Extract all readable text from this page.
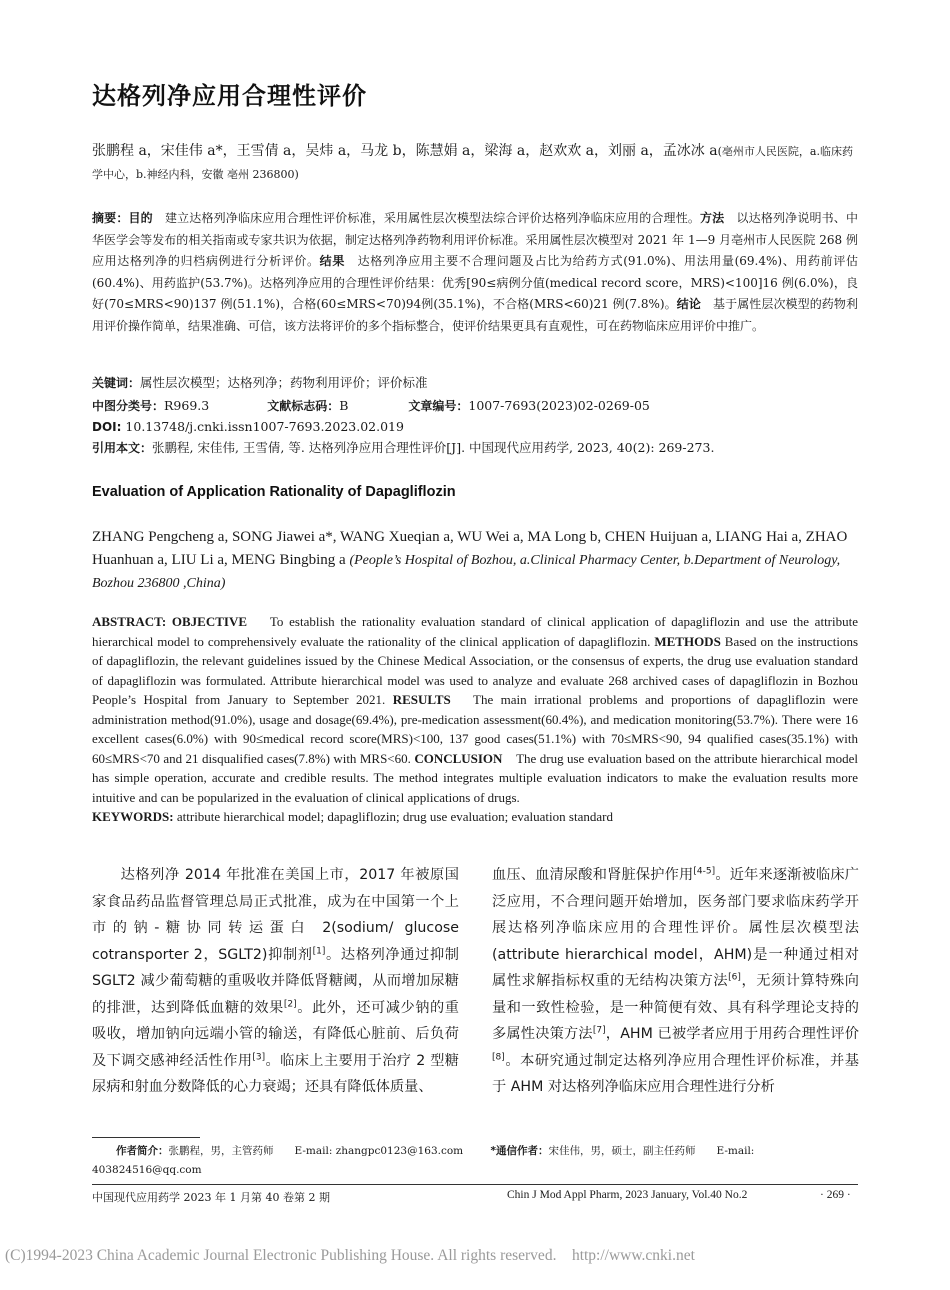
达格列净应用合理性评价
张鹏程 a，宋佳伟 a*，王雪倩 a，吴炜 a，马龙 b，陈慧娟 a，梁海 a，赵欢欢 a，刘丽 a，孟冰冰 a(亳州市人民医院，a.临床药学中心，b.神经内科，安徽 亳州 236800)
摘要：目的　 建立达格列净临床应用合理性评价标准，采用属性层次模型法综合评价达格列净临床应用的合理性。方法　 以达格列净说明书、中华医学会等发布的相关指南或专家共识为依据，制定达格列净药物利用评价标准。采用属性层次模型对 2021 年 1—9 月亳州市人民医院 268 例应用达格列净的归档病例进行分析评价。结果　 达格列净应用主要不合理问题及占比为给药方式(91.0%)、用法用量(69.4%)、用药前评估(60.4%)、用药监护(53.7%)。达格列净应用的合理性评价结果：优秀[90≤病例分值(medical record score，MRS)<100]16 例(6.0%)，良好(70≤MRS<90)137 例(51.1%)，合格(60≤MRS<70)94例(35.1%)，不合格(MRS<60)21 例(7.8%)。结论　 基于属性层次模型的药物利用评价操作简单，结果准确、可信，该方法将评价的多个指标整合，使评价结果更具有直观性，可在药物临床应用评价中推广。
关键词：属性层次模型；达格列净；药物利用评价；评价标准
中图分类号：R969.3	文献标志码：B	文章编号：1007-7693(2023)02-0269-05
DOI: 10.13748/j.cnki.issn1007-7693.2023.02.019
引用本文：张鹏程, 宋佳伟, 王雪倩, 等. 达格列净应用合理性评价[J]. 中国现代应用药学, 2023, 40(2): 269-273.
Evaluation of Application Rationality of Dapagliflozin
ZHANG Pengcheng a, SONG Jiawei a*, WANG Xueqian a, WU Wei a, MA Long b, CHEN Huijuan a, LIANG Hai a, ZHAO Huanhuan a, LIU Li a, MENG Bingbing a (People’s Hospital of Bozhou, a.Clinical Pharmacy Center, b.Department of Neurology, Bozhou 236800 ,China)
ABSTRACT: OBJECTIVE To establish the rationality evaluation standard of clinical application of dapagliflozin and use the attribute hierarchical model to comprehensively evaluate the rationality of the clinical application of dapagliflozin. METHODS Based on the instructions of dapagliflozin, the relevant guidelines issued by the Chinese Medical Association, or the consensus of experts, the drug use evaluation standard of dapagliflozin was formulated. Attribute hierarchical model was used to analyze and evaluate 268 archived cases of dapagliflozin in Bozhou People’s Hospital from January to September 2021. RESULTS The main irrational problems and proportions of dapagliflozin were administration method(91.0%), usage and dosage(69.4%), pre-medication assessment(60.4%), and medication monitoring(53.7%). There were 16 excellent cases(6.0%) with 90≤medical record score(MRS)<100, 137 good cases(51.1%) with 70≤MRS<90, 94 qualified cases(35.1%) with 60≤MRS<70 and 21 disqualified cases(7.8%) with MRS<60. CONCLUSION The drug use evaluation based on the attribute hierarchical model has simple operation, accurate and credible results. The method integrates multiple evaluation indicators to make the evaluation results more intuitive and can be popularized in the evaluation of clinical applications of drugs.
KEYWORDS: attribute hierarchical model; dapagliflozin; drug use evaluation; evaluation standard
达格列净 2014 年批准在美国上市，2017 年被原国家食品药品监督管理总局正式批准，成为在中国第一个上市的钠-糖协同转运蛋白 2(sodium/ glucose cotransporter 2，SGLT2)抑制剂[1]。达格列净通过抑制 SGLT2 减少葡萄糖的重吸收并降低肾糖阈，从而增加尿糖的排泄，达到降低血糖的效果[2]。此外，还可减少钠的重吸收，增加钠向远端小管的输送，有降低心脏前、后负荷及下调交感神经活性作用[3]。临床上主要用于治疗 2 型糖尿病和射血分数降低的心力衰竭；还具有降低体质量、
血压、血清尿酸和肾脏保护作用[4-5]。近年来逐渐被临床广泛应用，不合理问题开始增加，医务部门要求临床药学开展达格列净临床应用的合理性评价。属性层次模型法(attribute hierarchical model，AHM)是一种通过相对属性求解指标权重的无结构决策方法[6]，无须计算特殊向量和一致性检验，是一种简便有效、具有科学理论支持的多属性决策方法[7]，AHM 已被学者应用于用药合理性评价[8]。本研究通过制定达格列净应用合理性评价标准，并基于 AHM 对达格列净临床应用合理性进行分析
作者简介：张鹏程，男，主管药师　　E-mail: zhangpc0123@163.com	*通信作者：宋佳伟，男，硕士，副主任药师　　E-mail: 403824516@qq.com
中国现代应用药学 2023 年 1 月第 40 卷第 2 期	Chin J Mod Appl Pharm, 2023 January, Vol.40 No.2	· 269 ·
(C)1994-2023 China Academic Journal Electronic Publishing House. All rights reserved.　http://www.cnki.net
